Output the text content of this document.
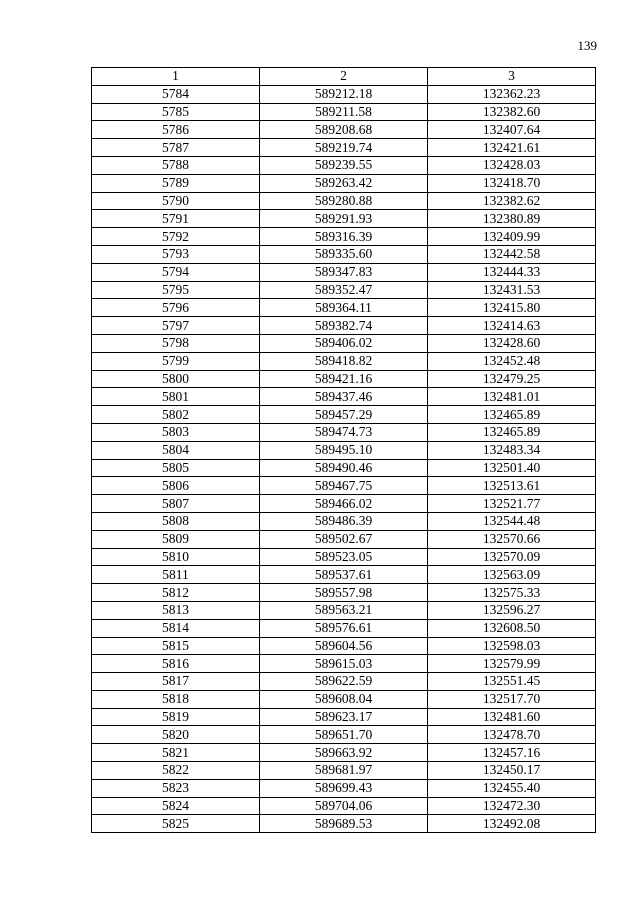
139
1	2	3
5784	589212.18	132362.23
5785	589211.58	132382.60
5786	589208.68	132407.64
5787	589219.74	132421.61
5788	589239.55	132428.03
5789	589263.42	132418.70
5790	589280.88	132382.62
5791	589291.93	132380.89
5792	589316.39	132409.99
5793	589335.60	132442.58
5794	589347.83	132444.33
5795	589352.47	132431.53
5796	589364.11	132415.80
5797	589382.74	132414.63
5798	589406.02	132428.60
5799	589418.82	132452.48
5800	589421.16	132479.25
5801	589437.46	132481.01
5802	589457.29	132465.89
5803	589474.73	132465.89
5804	589495.10	132483.34
5805	589490.46	132501.40
5806	589467.75	132513.61
5807	589466.02	132521.77
5808	589486.39	132544.48
5809	589502.67	132570.66
5810	589523.05	132570.09
5811	589537.61	132563.09
5812	589557.98	132575.33
5813	589563.21	132596.27
5814	589576.61	132608.50
5815	589604.56	132598.03
5816	589615.03	132579.99
5817	589622.59	132551.45
5818	589608.04	132517.70
5819	589623.17	132481.60
5820	589651.70	132478.70
5821	589663.92	132457.16
5822	589681.97	132450.17
5823	589699.43	132455.40
5824	589704.06	132472.30
5825	589689.53	132492.08
